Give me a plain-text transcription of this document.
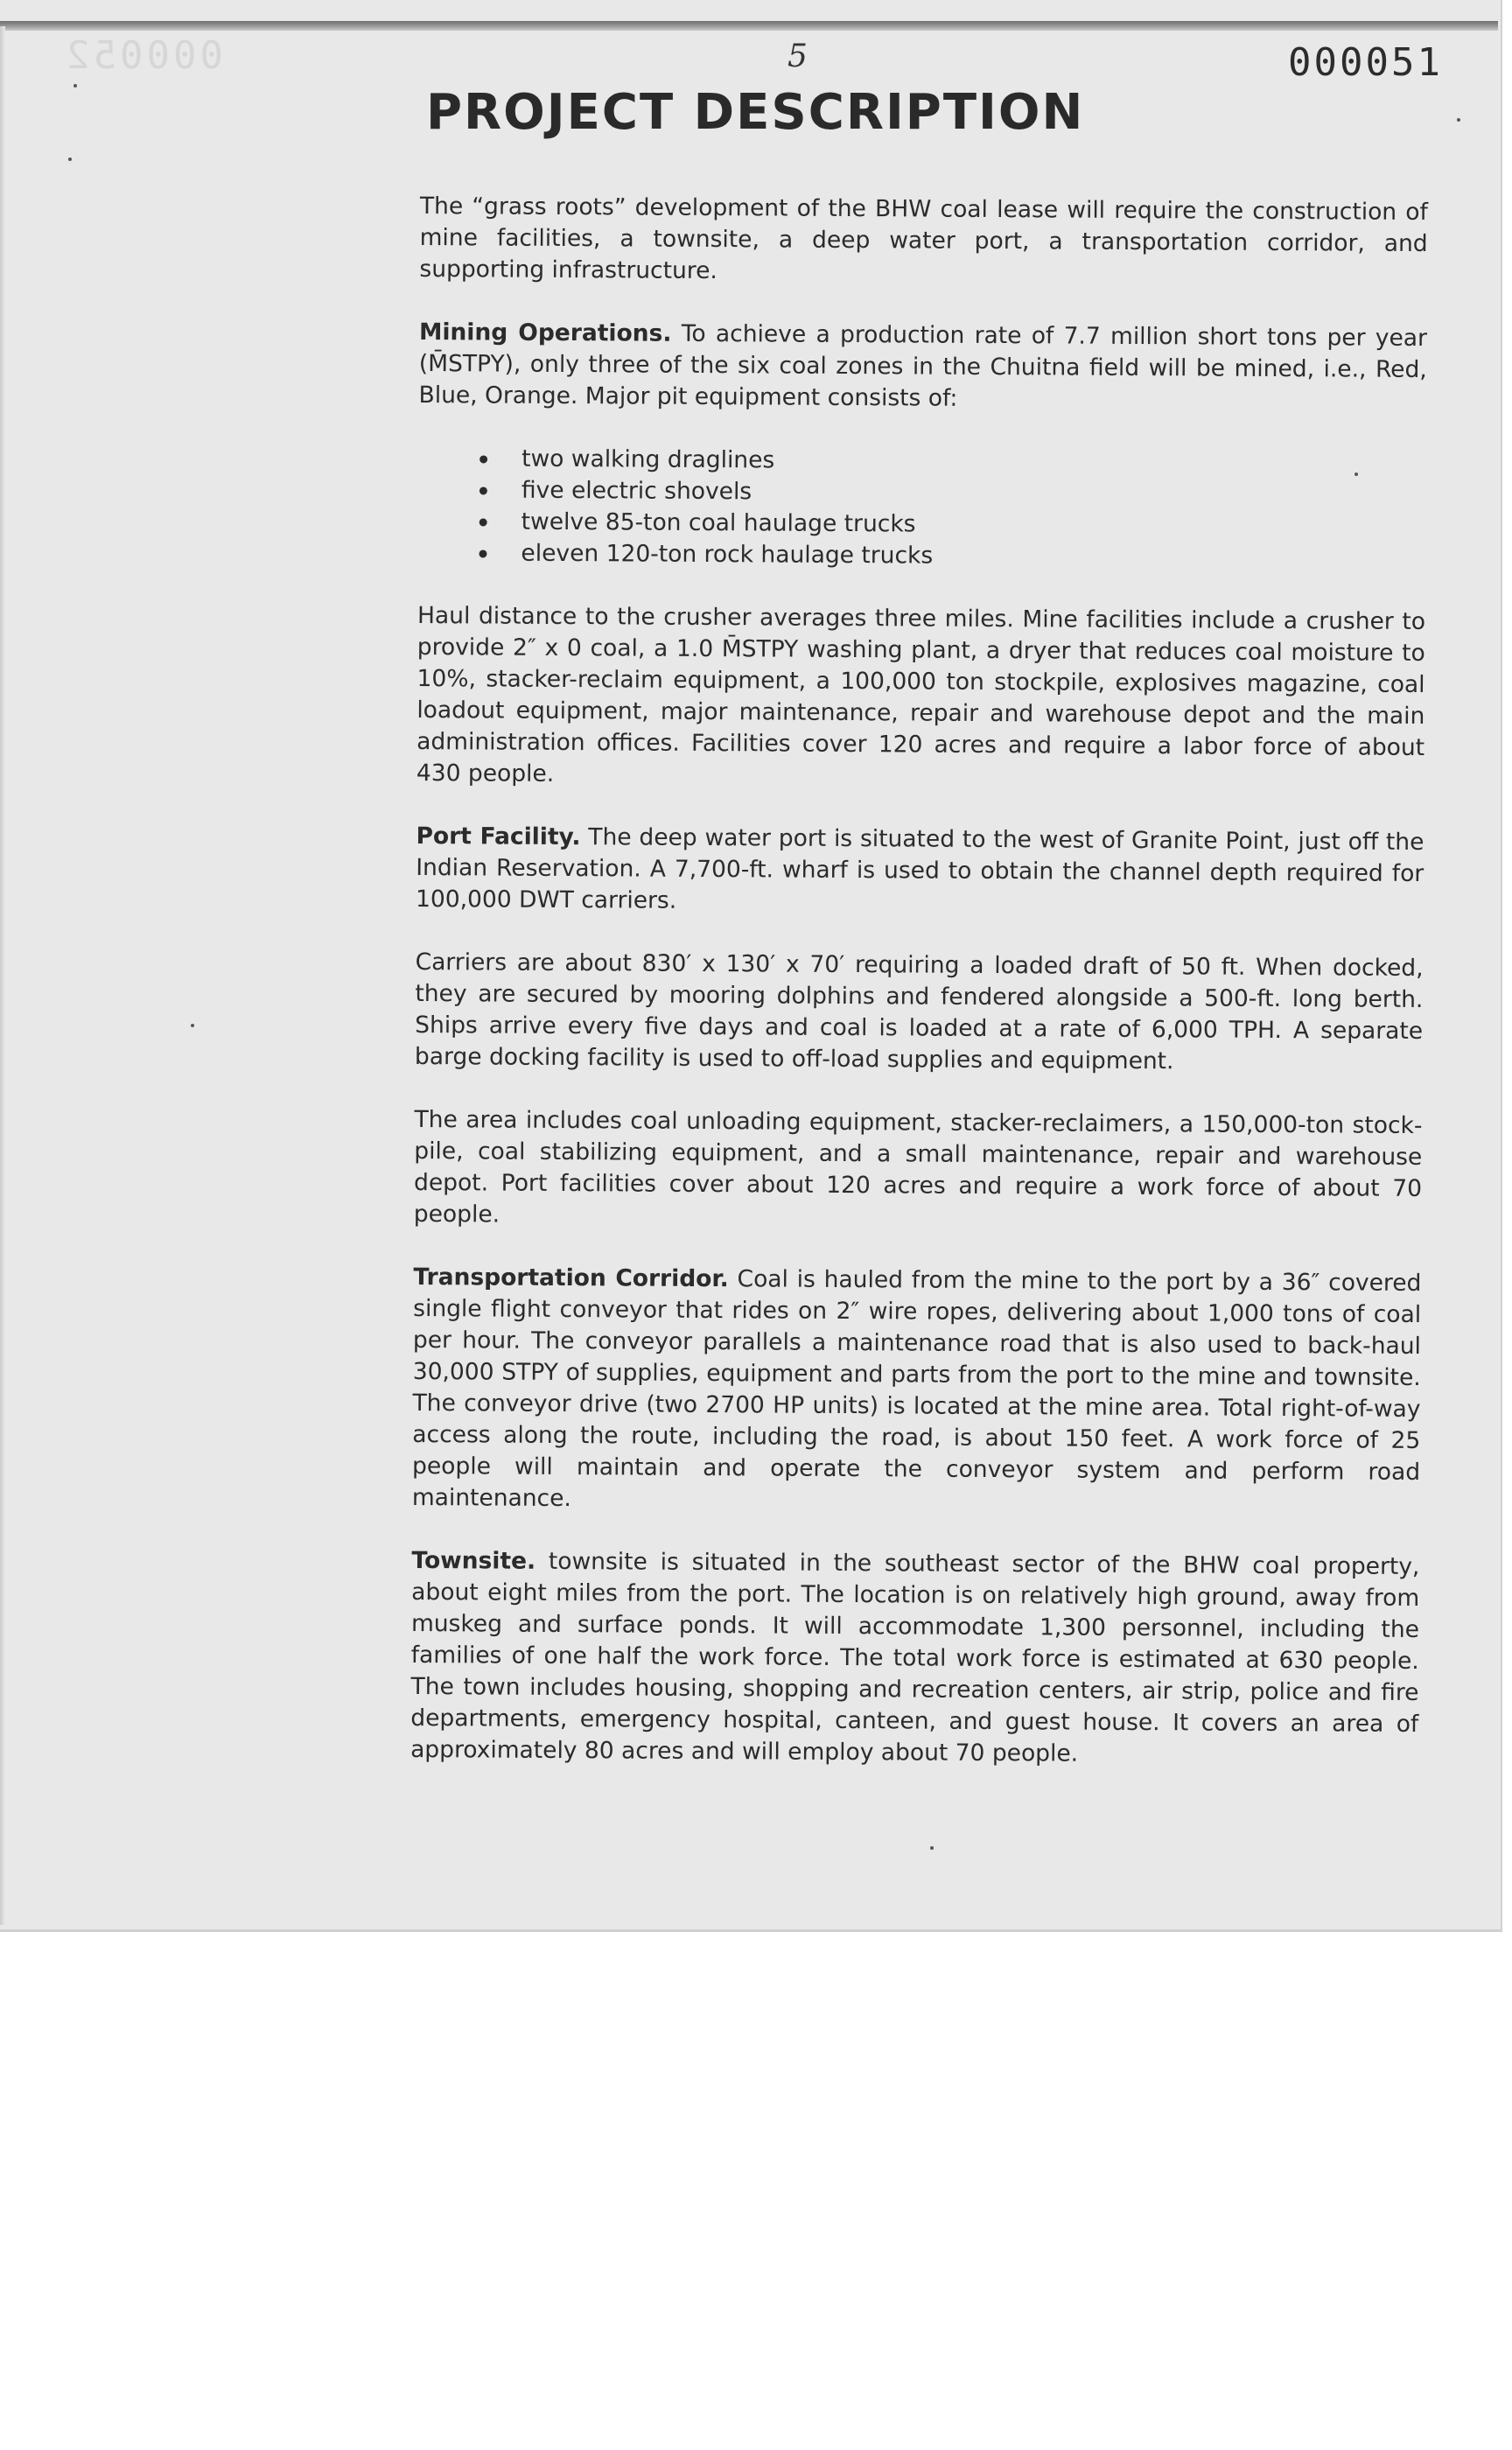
000052	5	000051
PROJECT DESCRIPTION

The “grass roots” development of the BHW coal lease will require the construction of mine facilities, a townsite, a deep water port, a transportation corridor, and supporting infrastructure.

Mining Operations. To achieve a production rate of 7.7 million short tons per year (M̄STPY), only three of the six coal zones in the Chuitna field will be mined, i.e., Red, Blue, Orange. Major pit equipment consists of:

two walking draglines
five electric shovels
twelve 85-ton coal haulage trucks
eleven 120-ton rock haulage trucks

Haul distance to the crusher averages three miles. Mine facilities include a crusher to provide 2″ x 0 coal, a 1.0 M̄STPY washing plant, a dryer that reduces coal moisture to 10%, stacker-reclaim equipment, a 100,000 ton stockpile, explosives magazine, coal loadout equipment, major maintenance, repair and warehouse depot and the main administration offices. Facilities cover 120 acres and require a labor force of about 430 people.

Port Facility. The deep water port is situated to the west of Granite Point, just off the Indian Reservation. A 7,700-ft. wharf is used to obtain the channel depth required for 100,000 DWT carriers.

Carriers are about 830′ x 130′ x 70′ requiring a loaded draft of 50 ft. When docked, they are secured by mooring dolphins and fendered alongside a 500-ft. long berth. Ships arrive every five days and coal is loaded at a rate of 6,000 TPH. A separate barge docking facility is used to off-load supplies and equipment.

The area includes coal unloading equipment, stacker-reclaimers, a 150,000-ton stock-pile, coal stabilizing equipment, and a small maintenance, repair and warehouse depot. Port facilities cover about 120 acres and require a work force of about 70 people.

Transportation Corridor. Coal is hauled from the mine to the port by a 36″ covered single flight conveyor that rides on 2″ wire ropes, delivering about 1,000 tons of coal per hour. The conveyor parallels a maintenance road that is also used to back-haul 30,000 STPY of supplies, equipment and parts from the port to the mine and townsite. The conveyor drive (two 2700 HP units) is located at the mine area. Total right-of-way access along the route, including the road, is about 150 feet. A work force of 25 people will maintain and operate the conveyor system and perform road maintenance.

Townsite. townsite is situated in the southeast sector of the BHW coal property, about eight miles from the port. The location is on relatively high ground, away from muskeg and surface ponds. It will accommodate 1,300 personnel, including the families of one half the work force. The total work force is estimated at 630 people. The town includes housing, shopping and recreation centers, air strip, police and fire departments, emergency hospital, canteen, and guest house. It covers an area of approximately 80 acres and will employ about 70 people.
